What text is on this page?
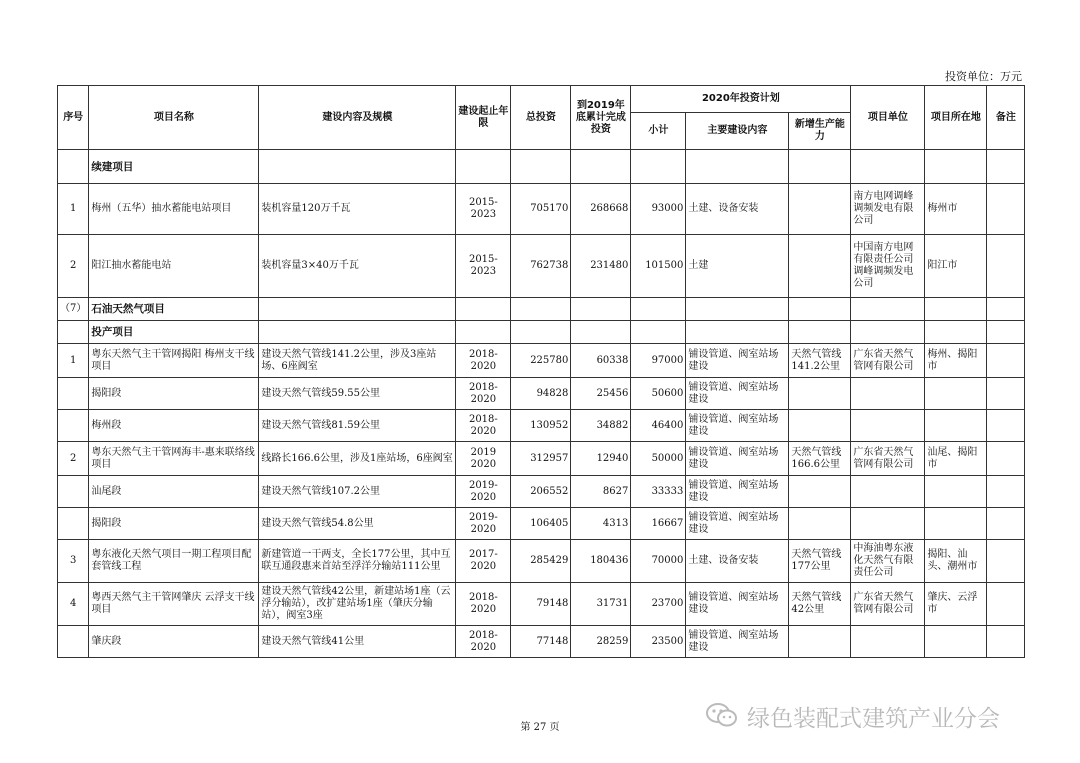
投资单位：万元
序号	项目名称	建设内容及规模	建设起止年限	总投资	到2019年底累计完成投资	2020年投资计划			项目单位	项目所在地	备注
						小计	主要建设内容	新增生产能力			
	续建项目										
1	梅州（五华）抽水蓄能电站项目	装机容量120万千瓦	2015-2023	705170	268668	93000	土建、设备安装		南方电网调峰调频发电有限公司	梅州市	
2	阳江抽水蓄能电站	装机容量3×40万千瓦	2015-2023	762738	231480	101500	土建		中国南方电网有限责任公司调峰调频发电公司	阳江市	
（7）	石油天然气项目										
	投产项目										
1	粤东天然气主干管网揭阳 梅州支干线项目	建设天然气管线141.2公里，涉及3座站场、6座阀室	2018-2020	225780	60338	97000	铺设管道、阀室站场建设	天然气管线141.2公里	广东省天然气管网有限公司	梅州、揭阳市	
	揭阳段	建设天然气管线59.55公里	2018-2020	94828	25456	50600	铺设管道、阀室站场建设				
	梅州段	建设天然气管线81.59公里	2018-2020	130952	34882	46400	铺设管道、阀室站场建设				
2	粤东天然气主干管网海丰-惠来联络线项目	线路长166.6公里，涉及1座站场，6座阀室	2019 2020	312957	12940	50000	铺设管道、阀室站场建设	天然气管线166.6公里	广东省天然气管网有限公司	汕尾、揭阳市	
	汕尾段	建设天然气管线107.2公里	2019-2020	206552	8627	33333	铺设管道、阀室站场建设				
	揭阳段	建设天然气管线54.8公里	2019-2020	106405	4313	16667	铺设管道、阀室站场建设				
3	粤东液化天然气项目一期工程项目配套管线工程	新建管道一干两支，全长177公里，其中互联互通段惠来首站至浮洋分输站111公里	2017-2020	285429	180436	70000	土建、设备安装	天然气管线177公里	中海油粤东液化天然气有限责任公司	揭阳、汕头、潮州市	
4	粤西天然气主干管网肇庆 云浮支干线项目	建设天然气管线42公里，新建站场1座（云浮分输站），改扩建站场1座（肇庆分输站），阀室3座	2018-2020	79148	31731	23700	铺设管道、阀室站场建设	天然气管线42公里	广东省天然气管网有限公司	肇庆、云浮市	
	肇庆段	建设天然气管线41公里	2018-2020	77148	28259	23500	铺设管道、阀室站场建设				
第 27 页	绿色装配式建筑产业分会
